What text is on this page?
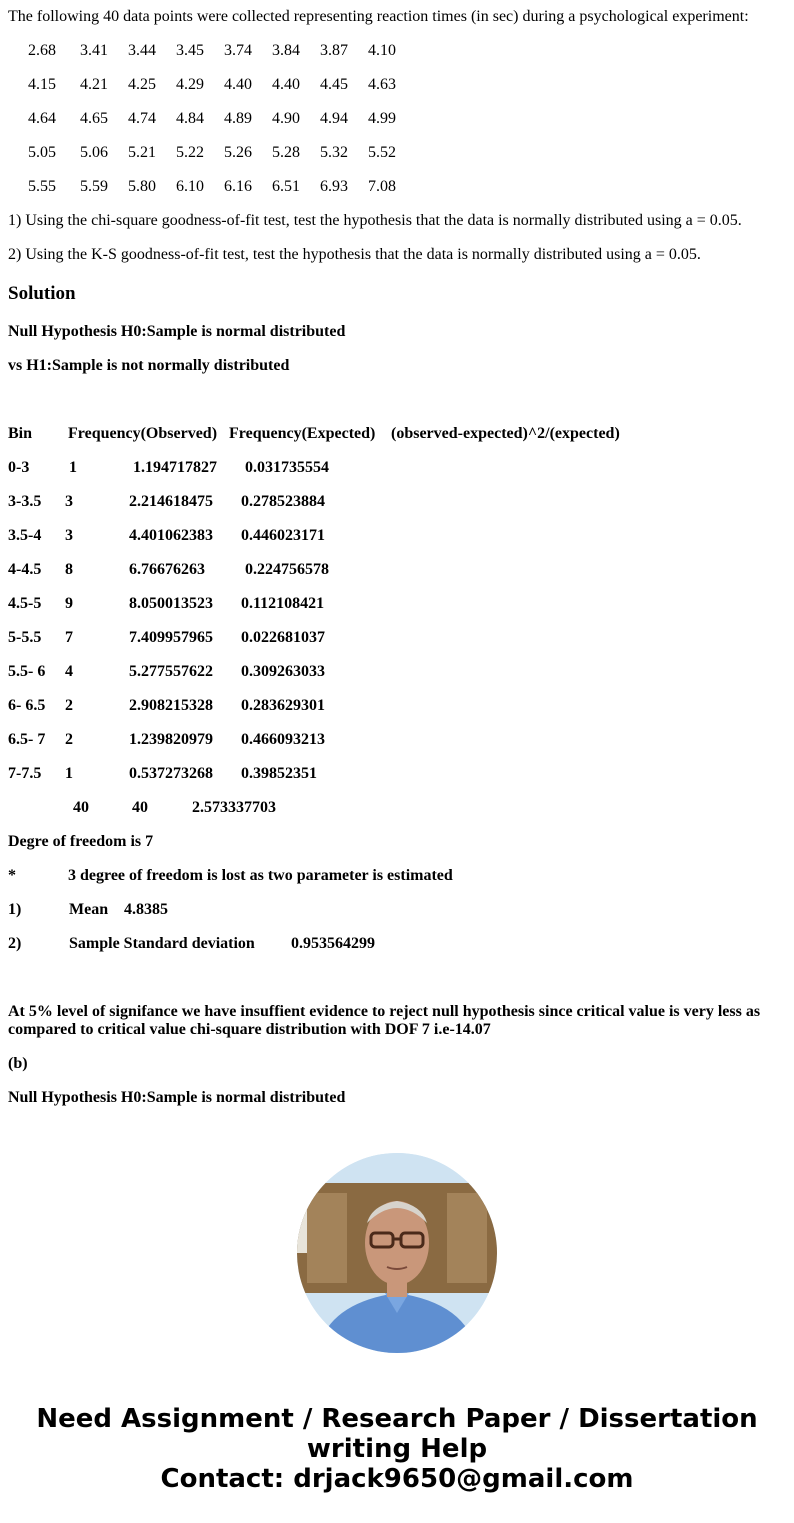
The following 40 data points were collected representing reaction times (in sec) during a psychological experiment:
2.68 3.41 3.44 3.45 3.74 3.84 3.87 4.10
4.15 4.21 4.25 4.29 4.40 4.40 4.45 4.63
4.64 4.65 4.74 4.84 4.89 4.90 4.94 4.99
5.05 5.06 5.21 5.22 5.26 5.28 5.32 5.52
5.55 5.59 5.80 6.10 6.16 6.51 6.93 7.08
1) Using the chi-square goodness-of-fit test, test the hypothesis that the data is normally distributed using a = 0.05.
2) Using the K-S goodness-of-fit test, test the hypothesis that the data is normally distributed using a = 0.05.
Solution
Null Hypothesis H0:Sample is normal distributed
vs H1:Sample is not normally distributed
Bin Frequency(Observed) Frequency(Expected) (observed-expected)^2/(expected)
0-3 1	1.194717827 0.031735554
3-3.5 3	2.214618475 0.278523884
3.5-4 3	4.401062383 0.446023171
4-4.5 8	6.76676263	0.224756578
4.5-5 9	8.050013523 0.112108421
5-5.5 7	7.409957965 0.022681037
5.5- 6 4	5.277557622 0.309263033
6- 6.5 2	2.908215328 0.283629301
6.5- 7 2	1.239820979 0.466093213
7-7.5 1	0.537273268 0.39852351
40	40	2.573337703
Degre of freedom is 7
*	3 degree of freedom is lost as two parameter is estimated
1)	Mean 4.8385
2)	Sample Standard deviation 0.953564299
At 5% level of signifance we have insuffient evidence to reject null hypothesis since critical value is very less as compared to critical value chi-square distribution with DOF 7 i.e-14.07
(b)
Null Hypothesis H0:Sample is normal distributed
Need Assignment / Research Paper / Dissertation
writing Help
Contact: drjack9650@gmail.com
